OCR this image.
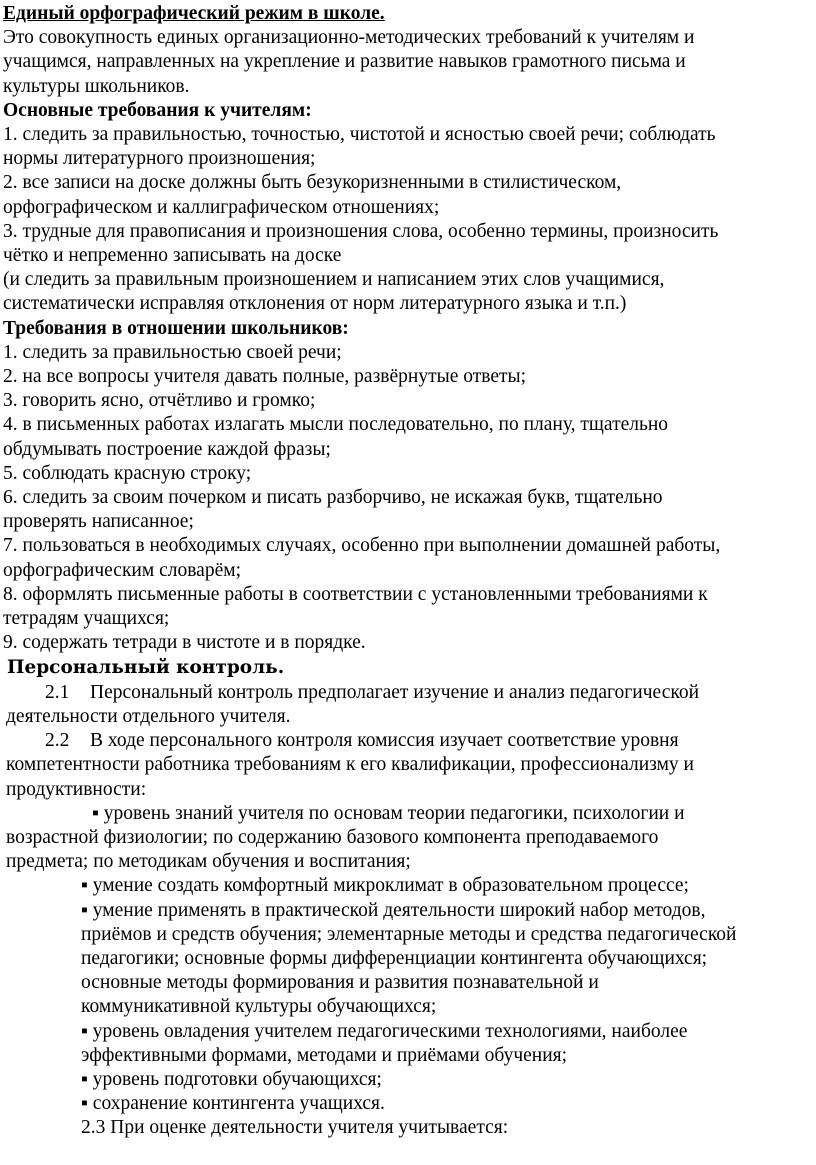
Единый орфографический режим в школе.
Это совокупность единых организационно-методических требований к учителям и
учащимся, направленных на укрепление и развитие навыков грамотного письма и
культуры школьников.
Основные требования к учителям:
1. следить за правильностью, точностью, чистотой и ясностью своей речи; соблюдать
нормы литературного произношения;
2. все записи на доске должны быть безукоризненными в стилистическом,
орфографическом и каллиграфическом отношениях;
3. трудные для правописания и произношения слова, особенно термины, произносить
чётко и непременно записывать на доске
(и следить за правильным произношением и написанием этих слов учащимися,
систематически исправляя отклонения от норм литературного языка и т.п.)
Требования в отношении школьников:
1. следить за правильностью своей речи;
2. на все вопросы учителя давать полные, развёрнутые ответы;
3. говорить ясно, отчётливо и громко;
4. в письменных работах излагать мысли последовательно, по плану, тщательно
обдумывать построение каждой фразы;
5. соблюдать красную строку;
6. следить за своим почерком и писать разборчиво, не искажая букв, тщательно
проверять написанное;
7. пользоваться в необходимых случаях, особенно при выполнении домашней работы,
орфографическим словарём;
8. оформлять письменные работы в соответствии с установленными требованиями к
тетрадям учащихся;
9. содержать тетради в чистоте и в порядке.
Персональный контроль.
2.1 Персональный контроль предполагает изучение и анализ педагогической
деятельности отдельного учителя.
2.2 В ходе персонального контроля комиссия изучает соответствие уровня
компетентности работника требованиям к его квалификации, профессионализму и
продуктивности:
▪ уровень знаний учителя по основам теории педагогики, психологии и
возрастной физиологии; по содержанию базового компонента преподаваемого
предмета; по методикам обучения и воспитания;
▪ умение создать комфортный микроклимат в образовательном процессе;
▪ умение применять в практической деятельности широкий набор методов,
приёмов и средств обучения; элементарные методы и средства педагогической
педагогики; основные формы дифференциации контингента обучающихся;
основные методы формирования и развития познавательной и
коммуникативной культуры обучающихся;
▪ уровень овладения учителем педагогическими технологиями, наиболее
эффективными формами, методами и приёмами обучения;
▪ уровень подготовки обучающихся;
▪ сохранение контингента учащихся.
2.3 При оценке деятельности учителя учитывается:
